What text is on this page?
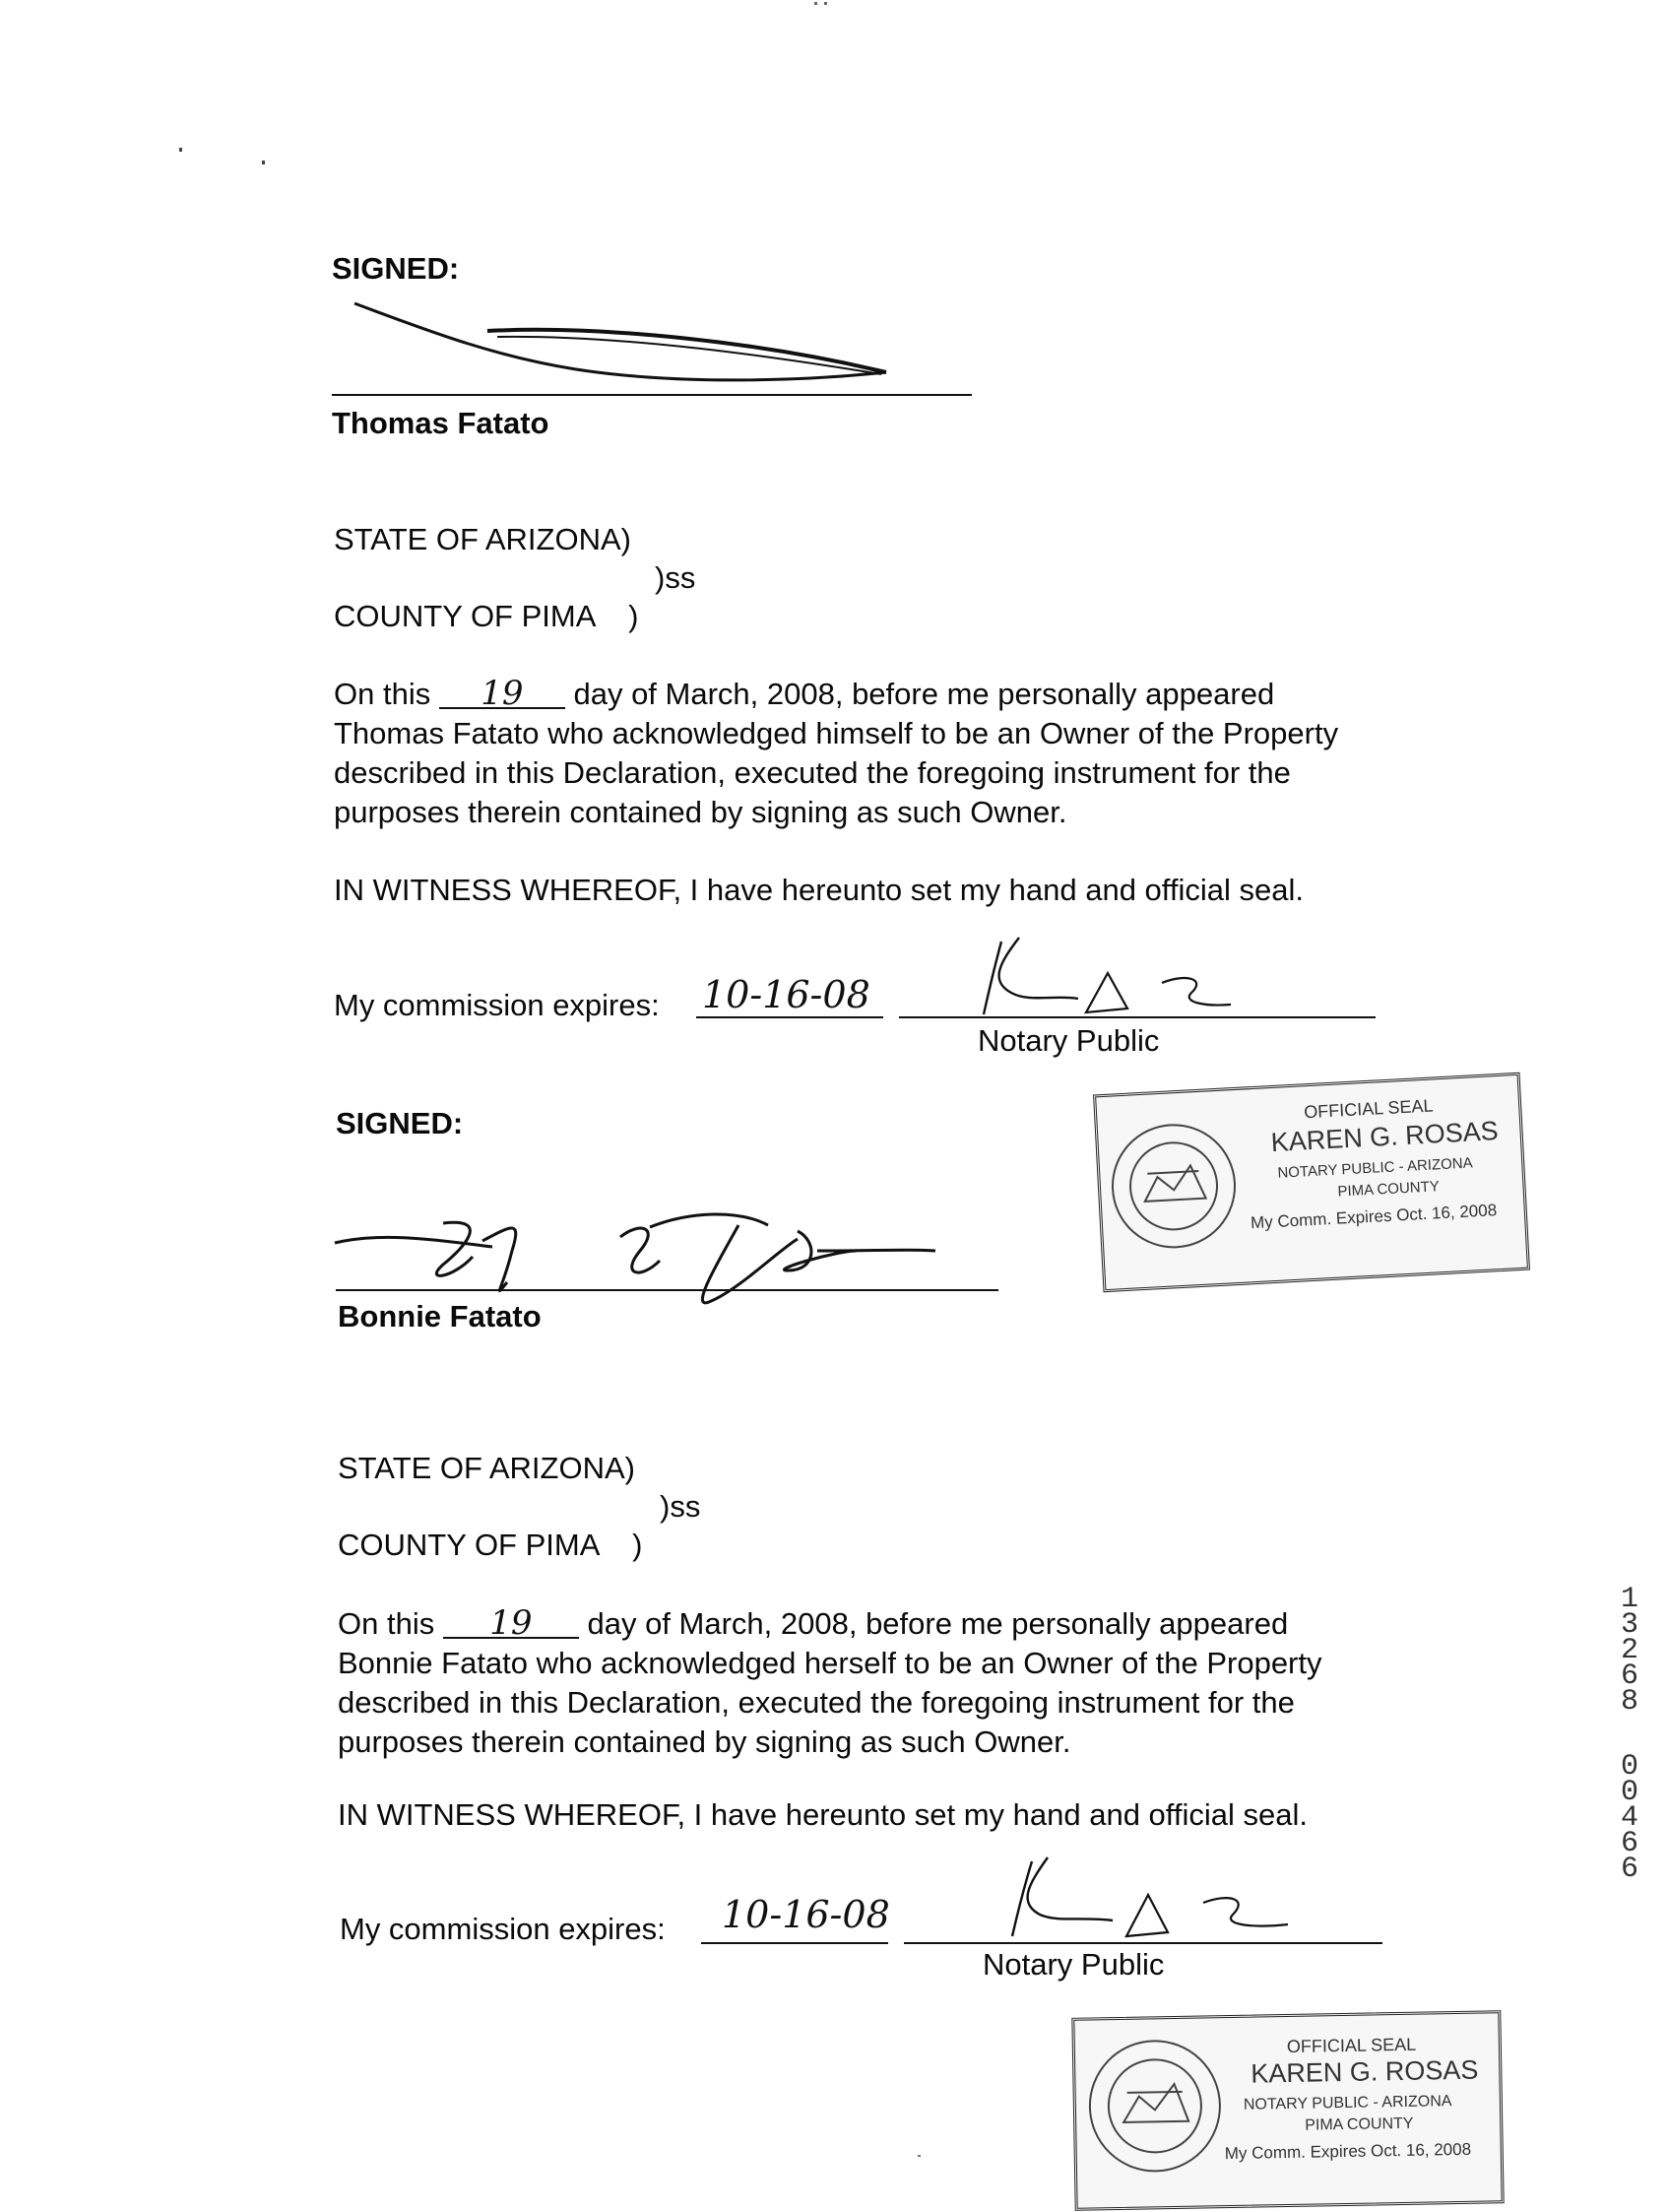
SIGNED:
Thomas Fatato
STATE OF ARIZONA)
)ss
COUNTY OF PIMA    )
On this 19 day of March, 2008, before me personally appeared
Thomas Fatato who acknowledged himself to be an Owner of the Property
described in this Declaration, executed the foregoing instrument for the
purposes therein contained by signing as such Owner.
IN WITNESS WHEREOF, I have hereunto set my hand and official seal.
My commission expires: 10-16-08
Notary Public
OFFICIAL SEAL
KAREN G. ROSAS
NOTARY PUBLIC - ARIZONA
PIMA COUNTY
My Comm. Expires Oct. 16, 2008
SIGNED:
Bonnie Fatato
STATE OF ARIZONA)
)ss
COUNTY OF PIMA    )
On this 19 day of March, 2008, before me personally appeared
Bonnie Fatato who acknowledged herself to be an Owner of the Property
described in this Declaration, executed the foregoing instrument for the
purposes therein contained by signing as such Owner.
IN WITNESS WHEREOF, I have hereunto set my hand and official seal.
My commission expires: 10-16-08
Notary Public
OFFICIAL SEAL
KAREN G. ROSAS
NOTARY PUBLIC - ARIZONA
PIMA COUNTY
My Comm. Expires Oct. 16, 2008
1
3
2
6
8
0
0
4
6
6
